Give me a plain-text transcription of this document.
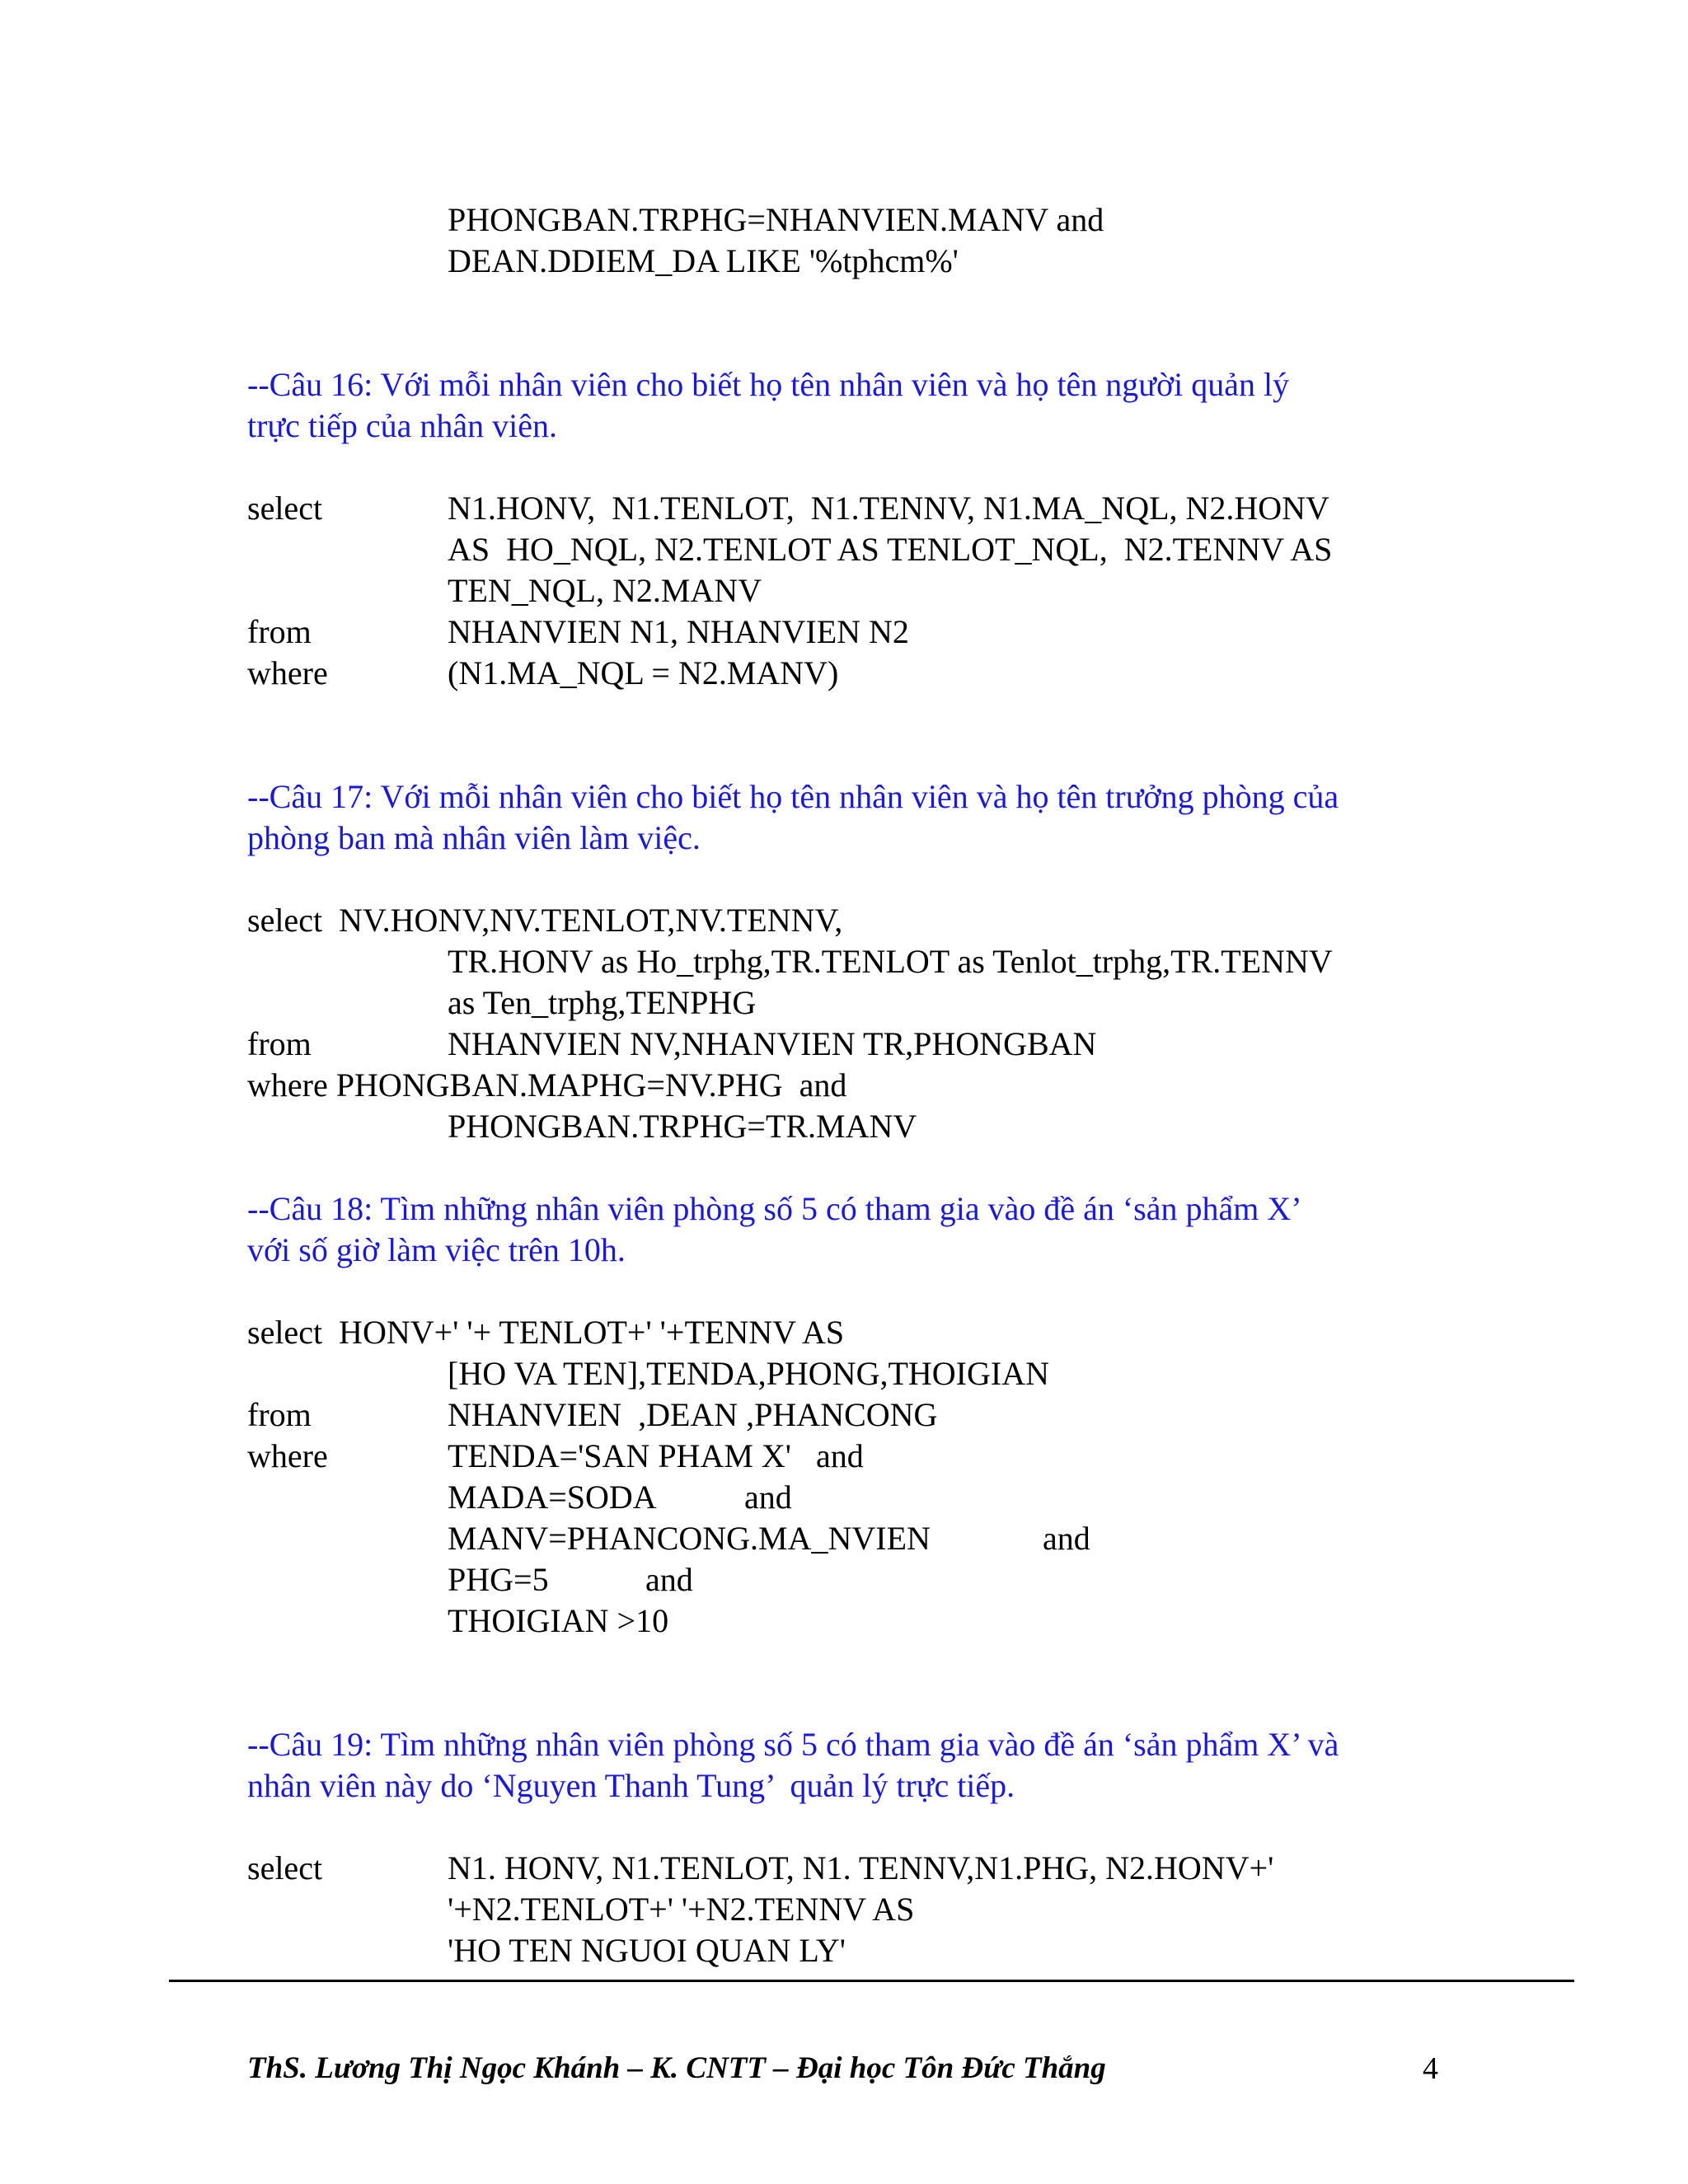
PHONGBAN.TRPHG=NHANVIEN.MANV and
DEAN.DDIEM_DA LIKE '%tphcm%'
--Câu 16: Với mỗi nhân viên cho biết họ tên nhân viên và họ tên người quản lý
trực tiếp của nhân viên.
select	N1.HONV,  N1.TENLOT,  N1.TENNV, N1.MA_NQL, N2.HONV
AS  HO_NQL, N2.TENLOT AS TENLOT_NQL,  N2.TENNV AS
TEN_NQL, N2.MANV
from	NHANVIEN N1, NHANVIEN N2
where	(N1.MA_NQL = N2.MANV)
--Câu 17: Với mỗi nhân viên cho biết họ tên nhân viên và họ tên trưởng phòng của
phòng ban mà nhân viên làm việc.
select  NV.HONV,NV.TENLOT,NV.TENNV,
TR.HONV as Ho_trphg,TR.TENLOT as Tenlot_trphg,TR.TENNV
as Ten_trphg,TENPHG
from	NHANVIEN NV,NHANVIEN TR,PHONGBAN
where PHONGBAN.MAPHG=NV.PHG  and
PHONGBAN.TRPHG=TR.MANV
--Câu 18: Tìm những nhân viên phòng số 5 có tham gia vào đề án ‘sản phẩm X’
với số giờ làm việc trên 10h.
select  HONV+' '+ TENLOT+' '+TENNV AS
[HO VA TEN],TENDA,PHONG,THOIGIAN
from	NHANVIEN  ,DEAN ,PHANCONG
where	TENDA='SAN PHAM X'   and
MADA=SODA	and
MANV=PHANCONG.MA_NVIEN	and
PHG=5	and
THOIGIAN >10
--Câu 19: Tìm những nhân viên phòng số 5 có tham gia vào đề án ‘sản phẩm X’ và
nhân viên này do ‘Nguyen Thanh Tung’  quản lý trực tiếp.
select	N1. HONV, N1.TENLOT, N1. TENNV,N1.PHG, N2.HONV+'
'+N2.TENLOT+' '+N2.TENNV AS
'HO TEN NGUOI QUAN LY'
ThS. Lương Thị Ngọc Khánh – K. CNTT – Đại học Tôn Đức Thắng	4
